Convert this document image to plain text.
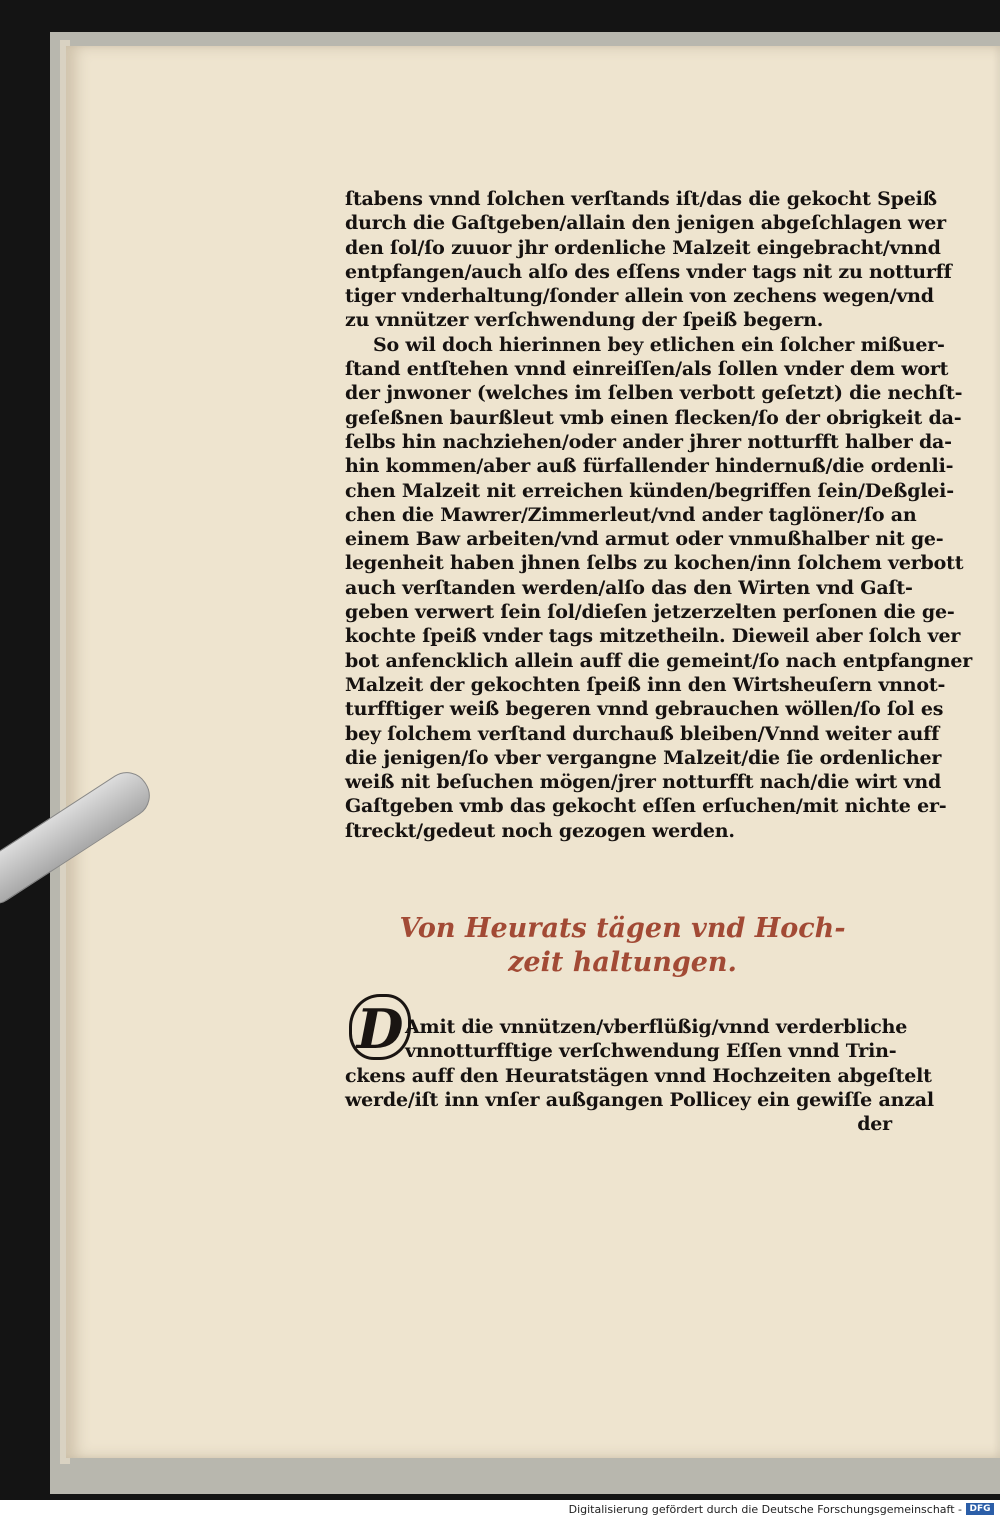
ſtabens vnnd ſolchen verſtands iſt/das die gekocht Speiß
durch die Gaſtgeben/allain den jenigen abgeſchlagen wer
den ſol/ſo zuuor jhr ordenliche Malzeit eingebracht/vnnd
entpfangen/auch alſo des eſſens vnder tags nit zu notturff
tiger vnderhaltung/ſonder allein von zechens wegen/vnd
zu vnnützer verſchwendung der ſpeiß begern.
So wil doch hierinnen bey etlichen ein ſolcher mißuer-
ſtand entſtehen vnnd einreiſſen/als ſollen vnder dem wort
der jnwoner (welches im ſelben verbott geſetzt) die nechſt-
geſeßnen baurßleut vmb einen flecken/ſo der obrigkeit da-
ſelbs hin nachziehen/oder ander jhrer notturfft halber da-
hin kommen/aber auß fürfallender hindernuß/die ordenli-
chen Malzeit nit erreichen künden/begriffen ſein/Deßglei-
chen die Mawrer/Zimmerleut/vnd ander taglöner/ſo an
einem Baw arbeiten/vnd armut oder vnmußhalber nit ge-
legenheit haben jhnen ſelbs zu kochen/inn ſolchem verbott
auch verſtanden werden/alſo das den Wirten vnd Gaſt-
geben verwert ſein ſol/dieſen jetzerzelten perſonen die ge-
kochte ſpeiß vnder tags mitzetheiln. Dieweil aber ſolch ver
bot anfencklich allein auff die gemeint/ſo nach entpfangner
Malzeit der gekochten ſpeiß inn den Wirtsheuſern vnnot-
turfftiger weiß begeren vnnd gebrauchen wöllen/ſo ſol es
bey ſolchem verſtand durchauß bleiben/Vnnd weiter auff
die jenigen/ſo vber vergangne Malzeit/die ſie ordenlicher
weiß nit beſuchen mögen/jrer notturfft nach/die wirt vnd
Gaſtgeben vmb das gekocht eſſen erſuchen/mit nichte er-
ſtreckt/gedeut noch gezogen werden.
Von Heurats tägen vnd Hoch-
zeit haltungen.
D Amit die vnnützen/vberflüßig/vnnd verderbliche
vnnotturfftige verſchwendung Eſſen vnnd Trin-
ckens auff den Heuratstägen vnnd Hochzeiten abgeſtelt
werde/iſt inn vnſer außgangen Pollicey ein gewiſſe anzal
der
Digitalisierung gefördert durch die Deutsche Forschungsgemeinschaft - DFG
